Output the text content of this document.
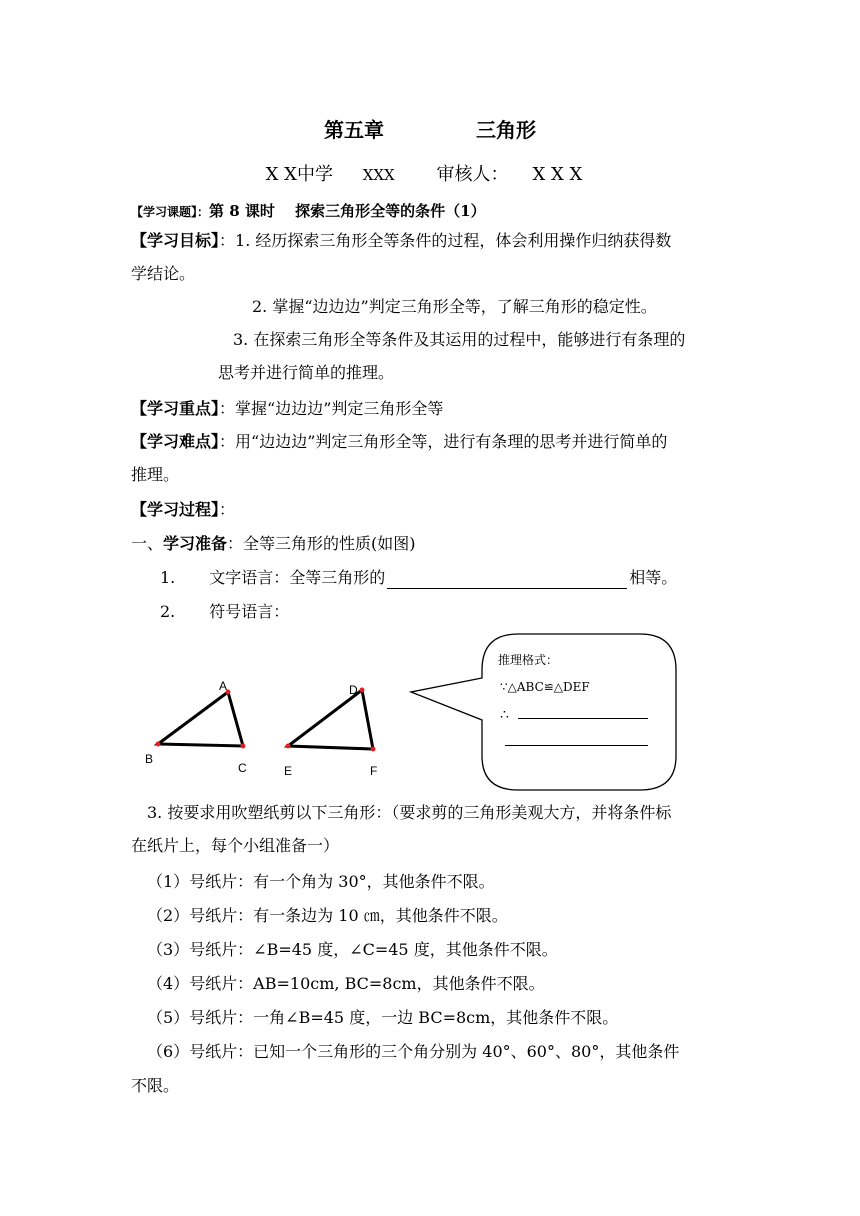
第五章	三角形
X X中学 XXX 审核人： X X X
【学习课题】：第 8 课时　 探索三角形全等的条件（1）
【学习目标】：1. 经历探索三角形全等条件的过程，体会利用操作归纳获得数
学结论。
2. 掌握“边边边”判定三角形全等，了解三角形的稳定性。
3. 在探索三角形全等条件及其运用的过程中，能够进行有条理的
思考并进行简单的推理。
【学习重点】：掌握“边边边”判定三角形全等
【学习难点】：用“边边边”判定三角形全等，进行有条理的思考并进行简单的
推理。
【学习过程】：
一、学习准备：全等三角形的性质(如图)
1. 文字语言：全等三角形的	相等。
2. 符号语言：
A
B
C
D
E	F
推理格式：
∵△ABC≌△DEF
∴
3. 按要求用吹塑纸剪以下三角形：（要求剪的三角形美观大方，并将条件标
在纸片上，每个小组准备一）
（1）号纸片：有一个角为 30°，其他条件不限。
（2）号纸片：有一条边为 10 ㎝，其他条件不限。
（3）号纸片：∠B=45 度，∠C=45 度，其他条件不限。
（4）号纸片：AB=10cm, BC=8cm，其他条件不限。
（5）号纸片：一角∠B=45 度，一边 BC=8cm，其他条件不限。
（6）号纸片：已知一个三角形的三个角分别为 40°、60°、80°，其他条件
不限。
